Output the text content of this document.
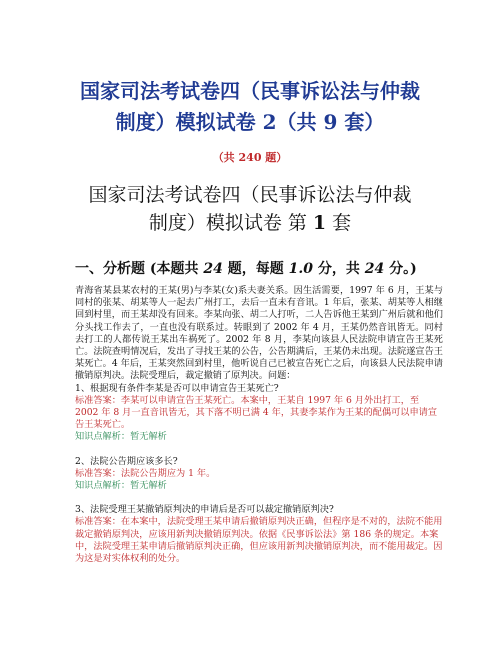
国家司法考试卷四（民事诉讼法与仲裁
制度）模拟试卷 2（共 9 套）
（共 240 题）
国家司法考试卷四（民事诉讼法与仲裁
制度）模拟试卷 第 1 套
一、分析题 (本题共 24 题，每题 1.0 分，共 24 分。)

青海省某县某农村的王某(男)与李某(女)系夫妻关系。因生活需要，1997 年 6 月，王某与同村的张某、胡某等人一起去广州打工，去后一直未有音讯。1 年后，张某、胡某等人相继回到村里，而王某却没有回来。李某向张、胡二人打听，二人告诉他王某到广州后就和他们分头找工作去了，一直也没有联系过。转眼到了 2002 年 4 月，王某仍然音讯皆无。同村去打工的人都传说王某出车祸死了。2002 年 8 月，李某向该县人民法院申请宣告王某死亡。法院查明情况后，发出了寻找王某的公告，公告期满后，王某仍未出现。法院遂宣告王某死亡。4 年后，王某突然回到村里，他听说自己已被宣告死亡之后，向该县人民法院申请撤销原判决。法院受理后，裁定撤销了原判决。问题：

1、根据现有条件李某是否可以申请宣告王某死亡?

标准答案：李某可以申请宣告王某死亡。本案中，王某自 1997 年 6 月外出打工，至 2002 年 8 月一直音讯皆无，其下落不明已满 4 年，其妻李某作为王某的配偶可以申请宣告王某死亡。

知识点解析：暂无解析

2、法院公告期应该多长?

标准答案：法院公告期应为 1 年。

知识点解析：暂无解析

3、法院受理王某撤销原判决的申请后是否可以裁定撤销原判决?

标准答案：在本案中，法院受理王某申请后撤销原判决正确，但程序是不对的，法院不能用裁定撤销原判决，应该用新判决撤销原判决。依据《民事诉讼法》第 186 条的规定。本案中，法院受理王某申请后撤销原判决正确，但应该用新判决撤销原判决，而不能用裁定。因为这是对实体权利的处分。
